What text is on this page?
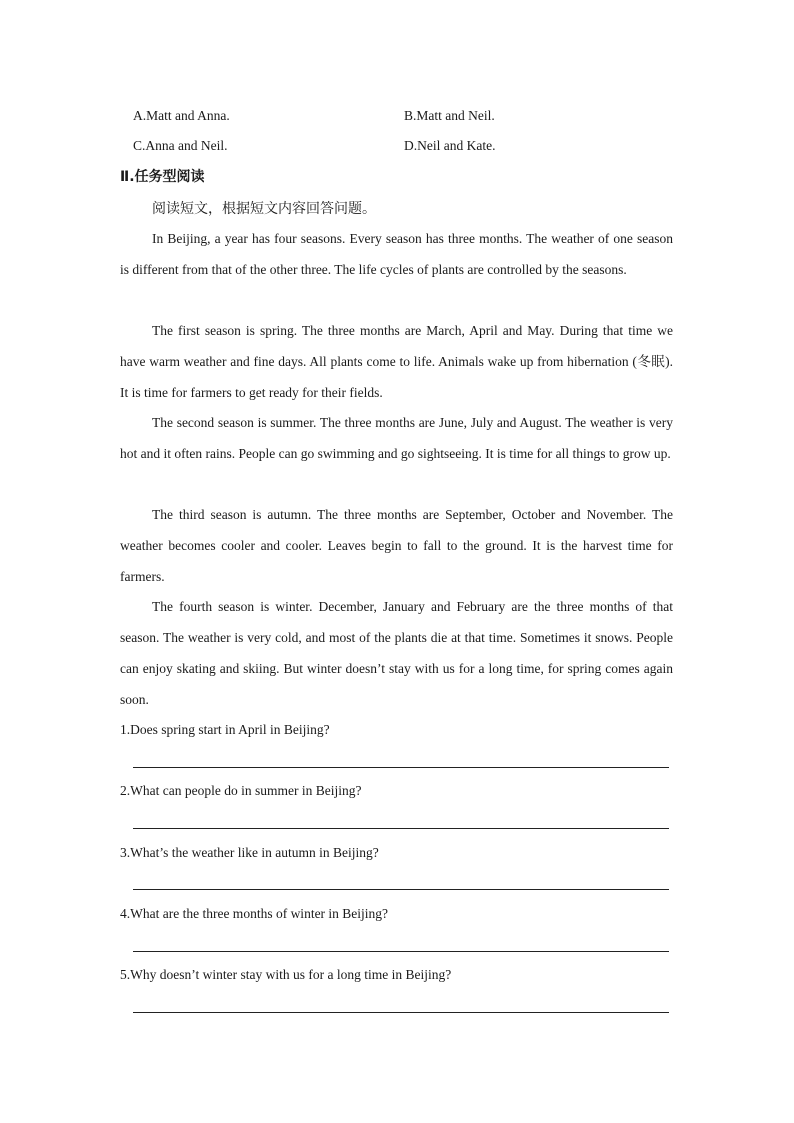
A.Matt and Anna.	B.Matt and Neil.
C.Anna and Neil.	D.Neil and Kate.
Ⅱ.任务型阅读
阅读短文，根据短文内容回答问题。
In Beijing, a year has four seasons. Every season has three months. The weather of one season is different from that of the other three. The life cycles of plants are controlled by the seasons.
The first season is spring. The three months are March, April and May. During that time we have warm weather and fine days. All plants come to life. Animals wake up from hibernation (冬眠). It is time for farmers to get ready for their fields.
The second season is summer. The three months are June, July and August. The weather is very hot and it often rains. People can go swimming and go sightseeing. It is time for all things to grow up.
The third season is autumn. The three months are September, October and November. The weather becomes cooler and cooler. Leaves begin to fall to the ground. It is the harvest time for farmers.
The fourth season is winter. December, January and February are the three months of that season. The weather is very cold, and most of the plants die at that time. Sometimes it snows. People can enjoy skating and skiing. But winter doesn’t stay with us for a long time, for spring comes again soon.
1.Does spring start in April in Beijing?
2.What can people do in summer in Beijing?
3.What’s the weather like in autumn in Beijing?
4.What are the three months of winter in Beijing?
5.Why doesn’t winter stay with us for a long time in Beijing?
